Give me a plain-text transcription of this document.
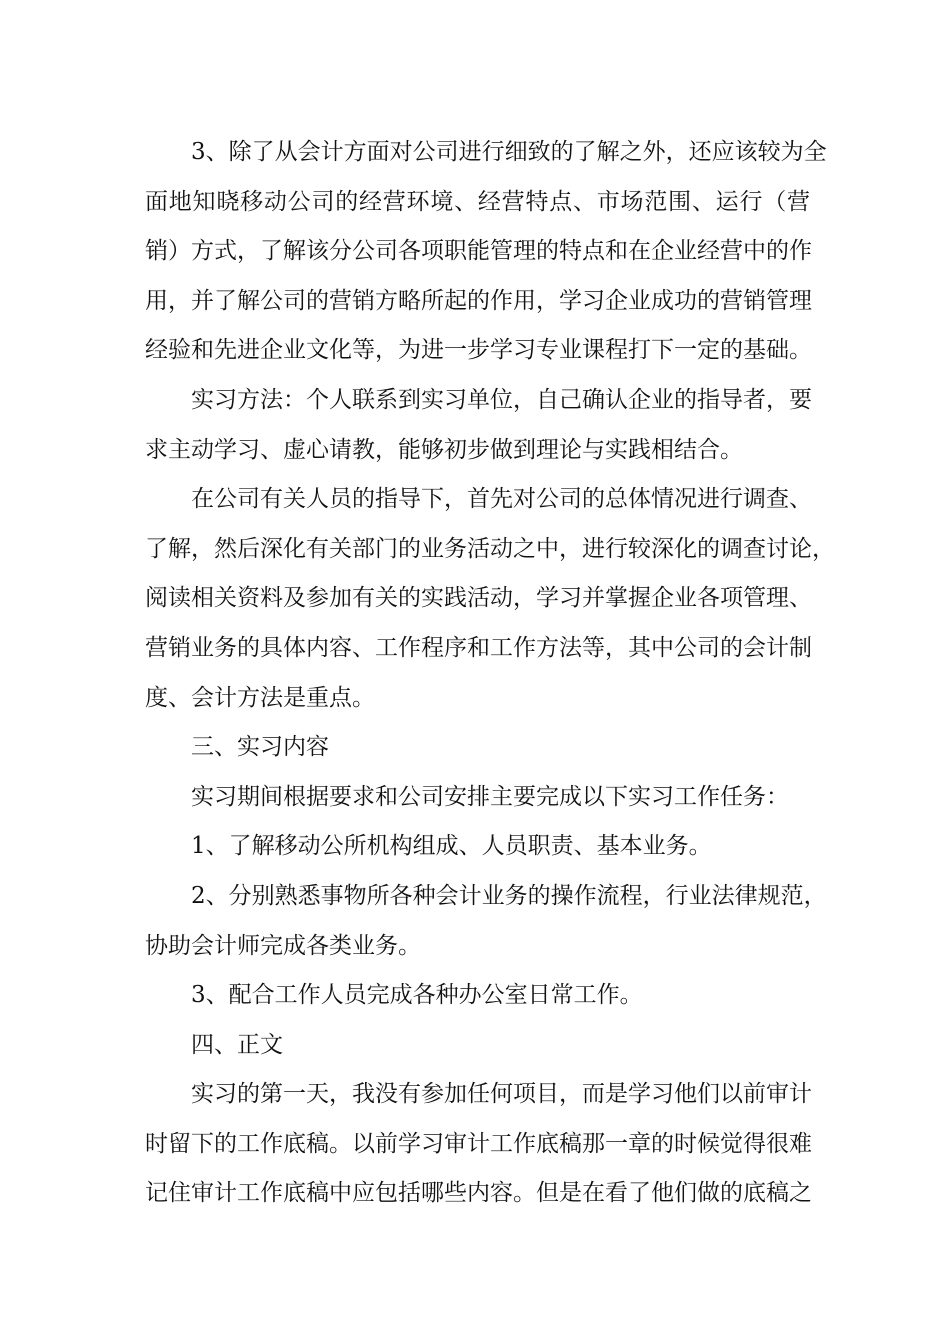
3、除了从会计方面对公司进行细致的了解之外，还应该较为全
面地知晓移动公司的经营环境、经营特点、市场范围、运行（营
销）方式，了解该分公司各项职能管理的特点和在企业经营中的作
用，并了解公司的营销方略所起的作用，学习企业成功的营销管理
经验和先进企业文化等，为进一步学习专业课程打下一定的基础。
实习方法：个人联系到实习单位，自己确认企业的指导者，要
求主动学习、虚心请教，能够初步做到理论与实践相结合。
在公司有关人员的指导下，首先对公司的总体情况进行调查、
了解，然后深化有关部门的业务活动之中，进行较深化的调查讨论，
阅读相关资料及参加有关的实践活动，学习并掌握企业各项管理、
营销业务的具体内容、工作程序和工作方法等，其中公司的会计制
度、会计方法是重点。
三、实习内容
实习期间根据要求和公司安排主要完成以下实习工作任务：
1、了解移动公所机构组成、人员职责、基本业务。
2、分别熟悉事物所各种会计业务的操作流程，行业法律规范，
协助会计师完成各类业务。
3、配合工作人员完成各种办公室日常工作。
四、正文
实习的第一天，我没有参加任何项目，而是学习他们以前审计
时留下的工作底稿。以前学习审计工作底稿那一章的时候觉得很难
记住审计工作底稿中应包括哪些内容。但是在看了他们做的底稿之
